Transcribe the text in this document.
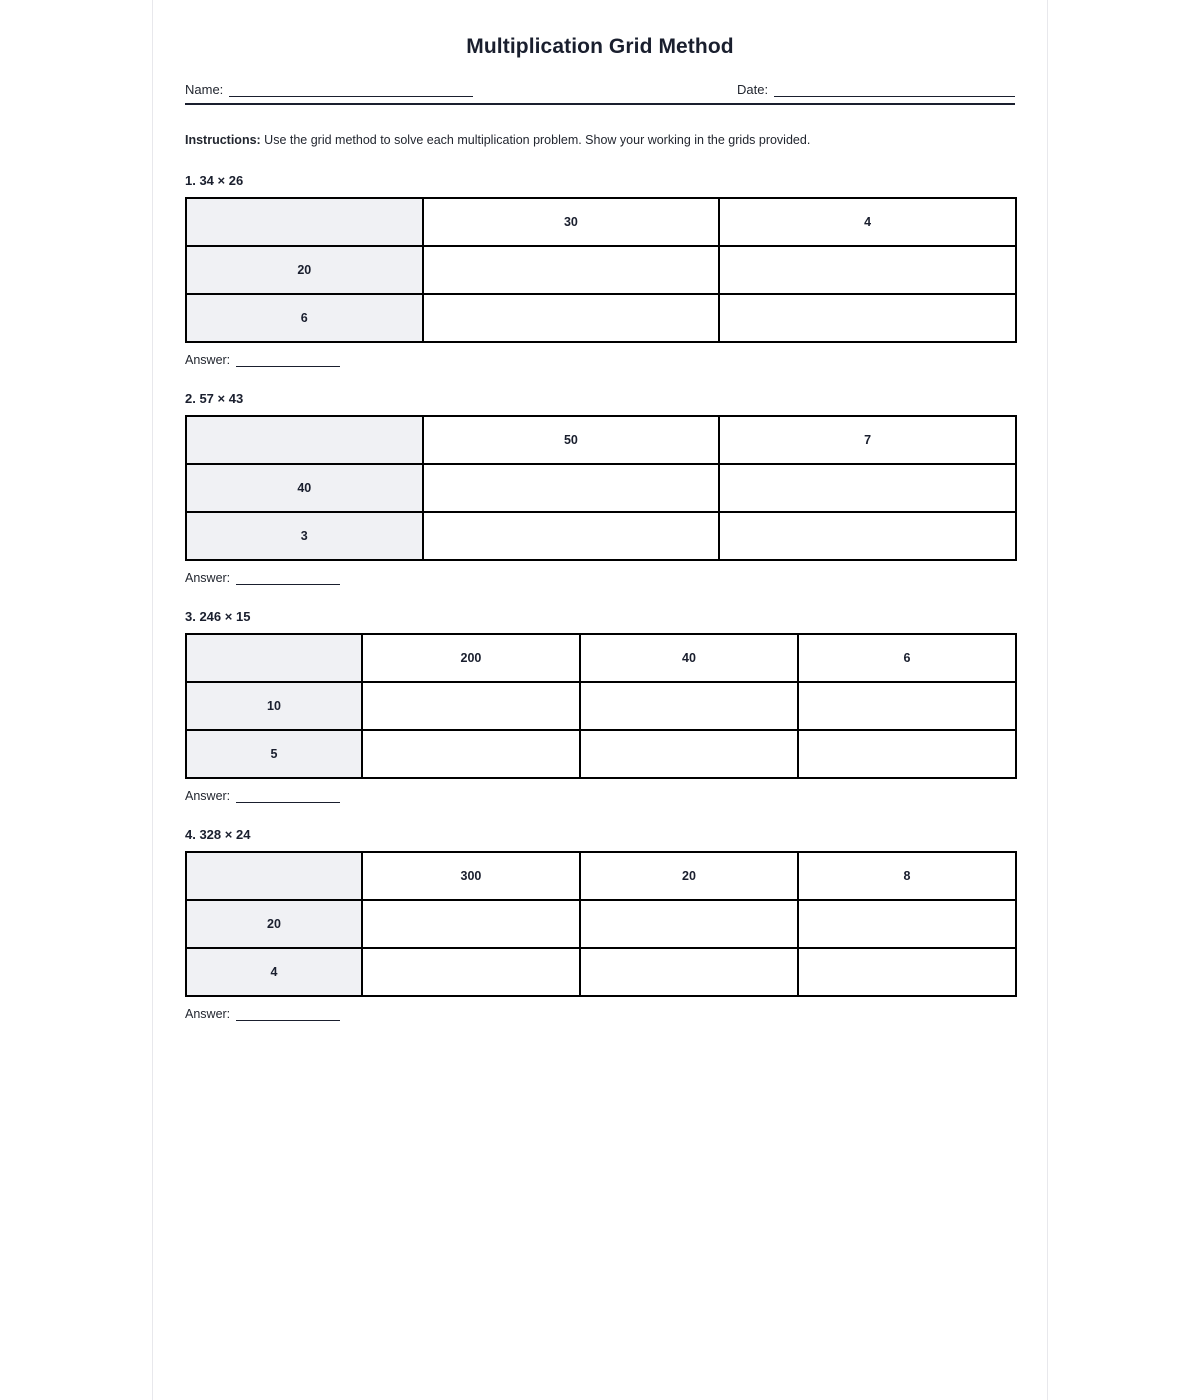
Multiplication Grid Method
Name:	Date:

Instructions: Use the grid method to solve each multiplication problem. Show your working in the grids provided.

1. 34 × 26
	30	4
20		
6		
Answer:
2. 57 × 43
	50	7
40		
3		
Answer:
3. 246 × 15
	200	40	6
10			
5			
Answer:
4. 328 × 24
	300	20	8
20			
4			
Answer:
